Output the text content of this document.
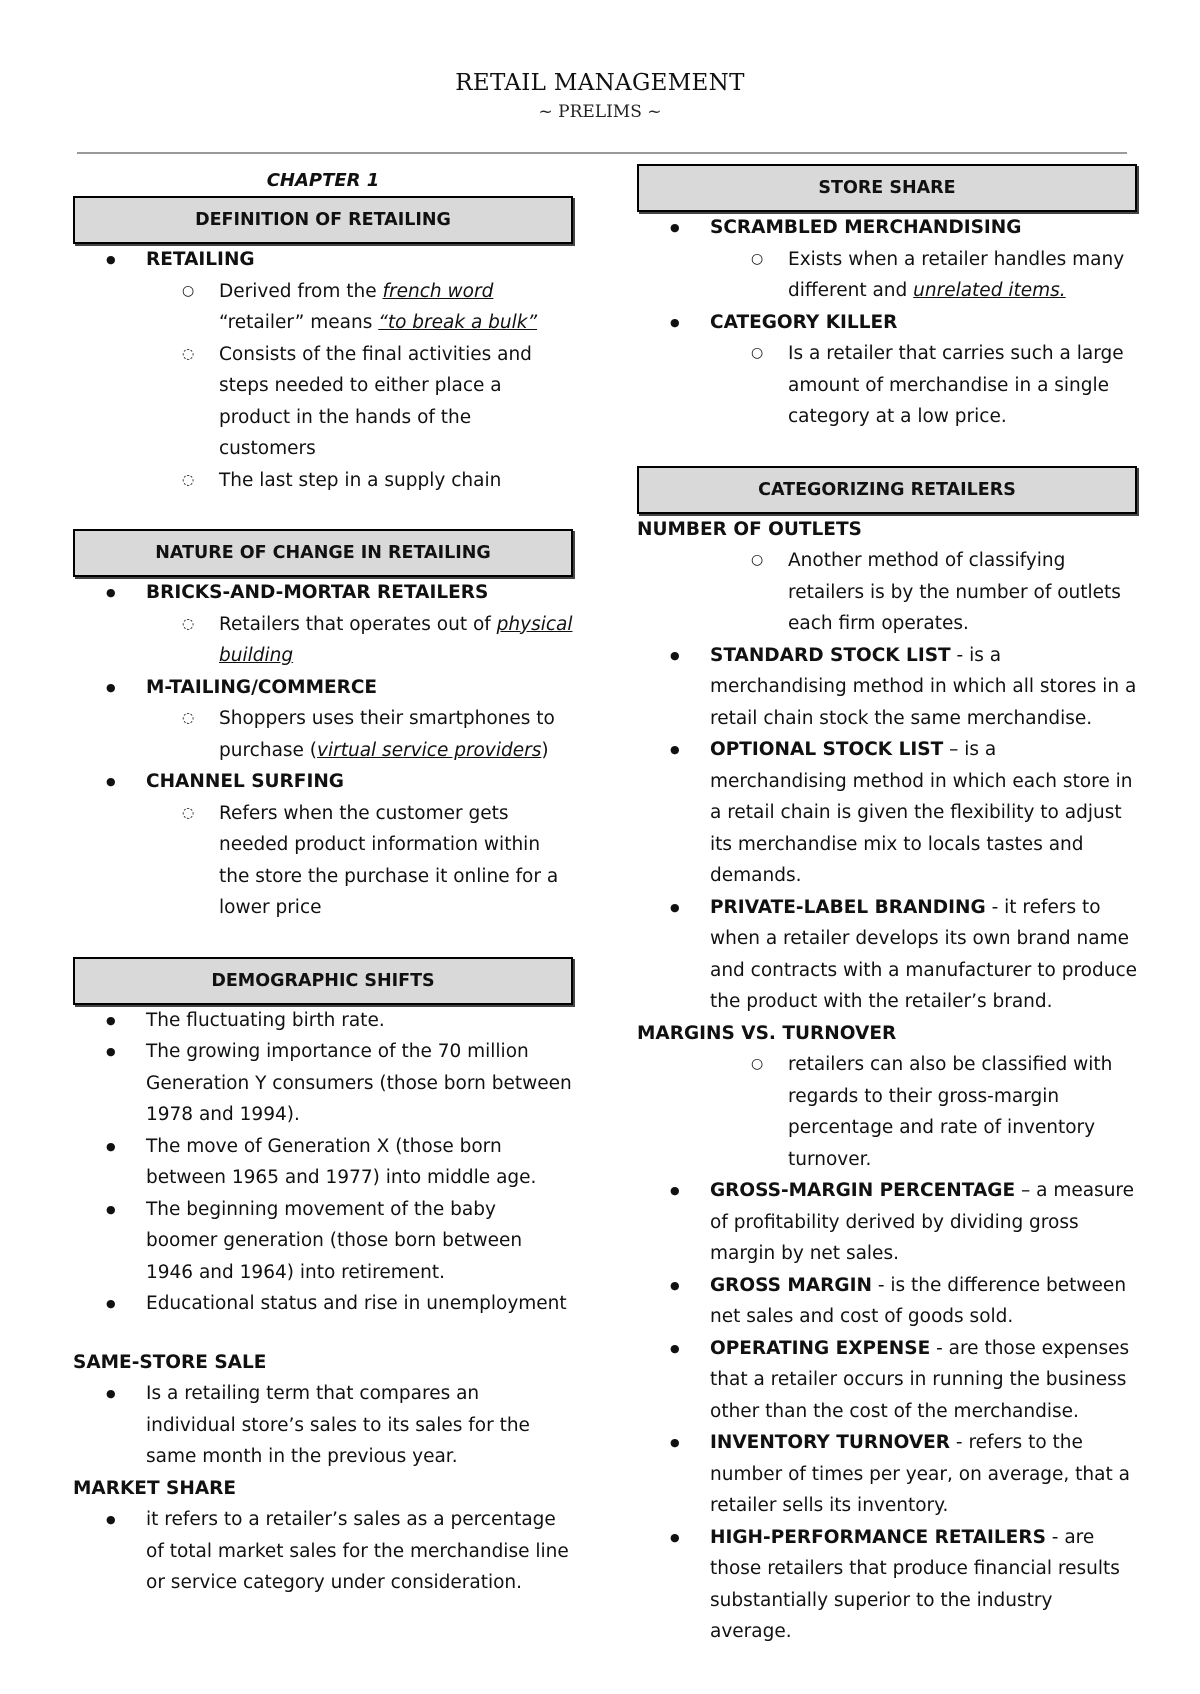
RETAIL MANAGEMENT
~ PRELIMS ~
CHAPTER 1
DEFINITION OF RETAILING
● RETAILING
○ Derived from the french word
“retailer” means “to break a bulk”
◌ Consists of the final activities and steps needed to either place a product in the hands of the customers
◌ The last step in a supply chain
NATURE OF CHANGE IN RETAILING
● BRICKS-AND-MORTAR RETAILERS
◌ Retailers that operates out of physical building
● M-TAILING/COMMERCE
◌ Shoppers uses their smartphones to purchase (virtual service providers)
● CHANNEL SURFING
◌ Refers when the customer gets needed product information within the store the purchase it online for a lower price
DEMOGRAPHIC SHIFTS
● The fluctuating birth rate.
● The growing importance of the 70 million Generation Y consumers (those born between 1978 and 1994).
● The move of Generation X (those born between 1965 and 1977) into middle age.
● The beginning movement of the baby boomer generation (those born between 1946 and 1964) into retirement.
● Educational status and rise in unemployment
SAME-STORE SALE
● Is a retailing term that compares an individual store’s sales to its sales for the same month in the previous year.
MARKET SHARE
● it refers to a retailer’s sales as a percentage of total market sales for the merchandise line or service category under consideration.
STORE SHARE
● SCRAMBLED MERCHANDISING
○ Exists when a retailer handles many different and unrelated items.
● CATEGORY KILLER
○ Is a retailer that carries such a large amount of merchandise in a single category at a low price.
CATEGORIZING RETAILERS
NUMBER OF OUTLETS
○ Another method of classifying retailers is by the number of outlets each firm operates.
● STANDARD STOCK LIST - is a merchandising method in which all stores in a retail chain stock the same merchandise.
● OPTIONAL STOCK LIST – is a merchandising method in which each store in a retail chain is given the flexibility to adjust its merchandise mix to locals tastes and demands.
● PRIVATE-LABEL BRANDING - it refers to when a retailer develops its own brand name and contracts with a manufacturer to produce the product with the retailer’s brand.
MARGINS VS. TURNOVER
○ retailers can also be classified with regards to their gross-margin percentage and rate of inventory turnover.
● GROSS-MARGIN PERCENTAGE – a measure of profitability derived by dividing gross margin by net sales.
● GROSS MARGIN - is the difference between net sales and cost of goods sold.
● OPERATING EXPENSE - are those expenses that a retailer occurs in running the business other than the cost of the merchandise.
● INVENTORY TURNOVER - refers to the number of times per year, on average, that a retailer sells its inventory.
● HIGH-PERFORMANCE RETAILERS - are those retailers that produce financial results substantially superior to the industry average.
